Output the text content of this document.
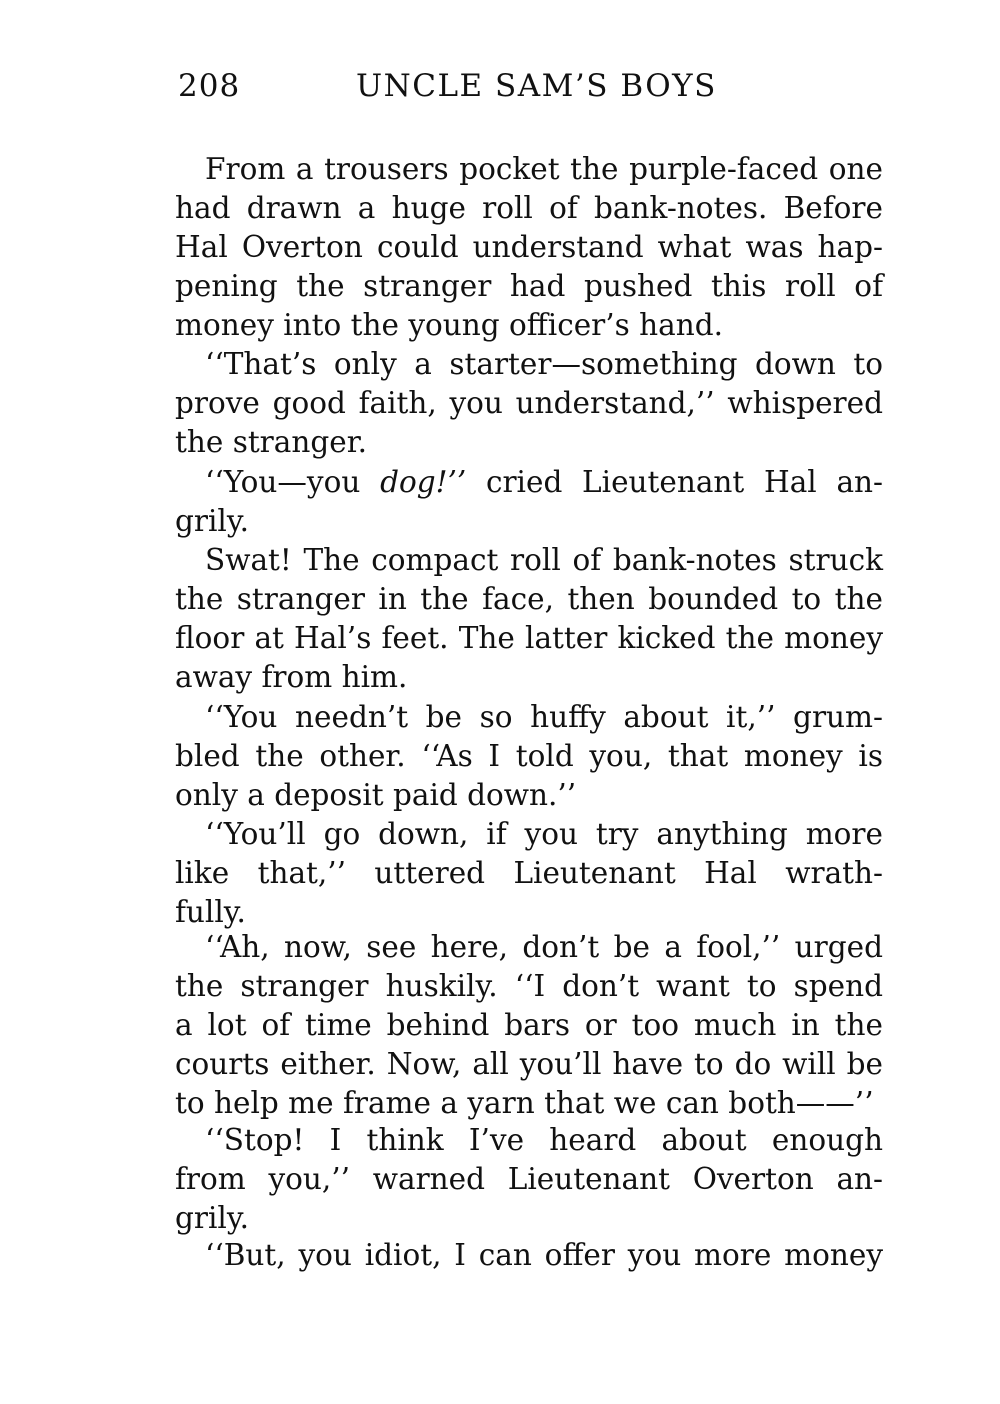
208	UNCLE SAM’S BOYS
From a trousers pocket the purple-faced one
had drawn a huge roll of bank-notes. Before
Hal Overton could understand what was hap-
pening the stranger had pushed this roll of
money into the young officer’s hand.
‘‘That’s only a starter—something down to
prove good faith, you understand,’’ whispered
the stranger.
‘‘You—you dog!’’ cried Lieutenant Hal an-
grily.
Swat! The compact roll of bank-notes struck
the stranger in the face, then bounded to the
floor at Hal’s feet. The latter kicked the money
away from him.
‘‘You needn’t be so huffy about it,’’ grum-
bled the other. ‘‘As I told you, that money is
only a deposit paid down.’’
‘‘You’ll go down, if you try anything more
like that,’’ uttered Lieutenant Hal wrath-
fully.
‘‘Ah, now, see here, don’t be a fool,’’ urged
the stranger huskily. ‘‘I don’t want to spend
a lot of time behind bars or too much in the
courts either. Now, all you’ll have to do will be
to help me frame a yarn that we can both——’’
‘‘Stop! I think I’ve heard about enough
from you,’’ warned Lieutenant Overton an-
grily.
‘‘But, you idiot, I can offer you more money
